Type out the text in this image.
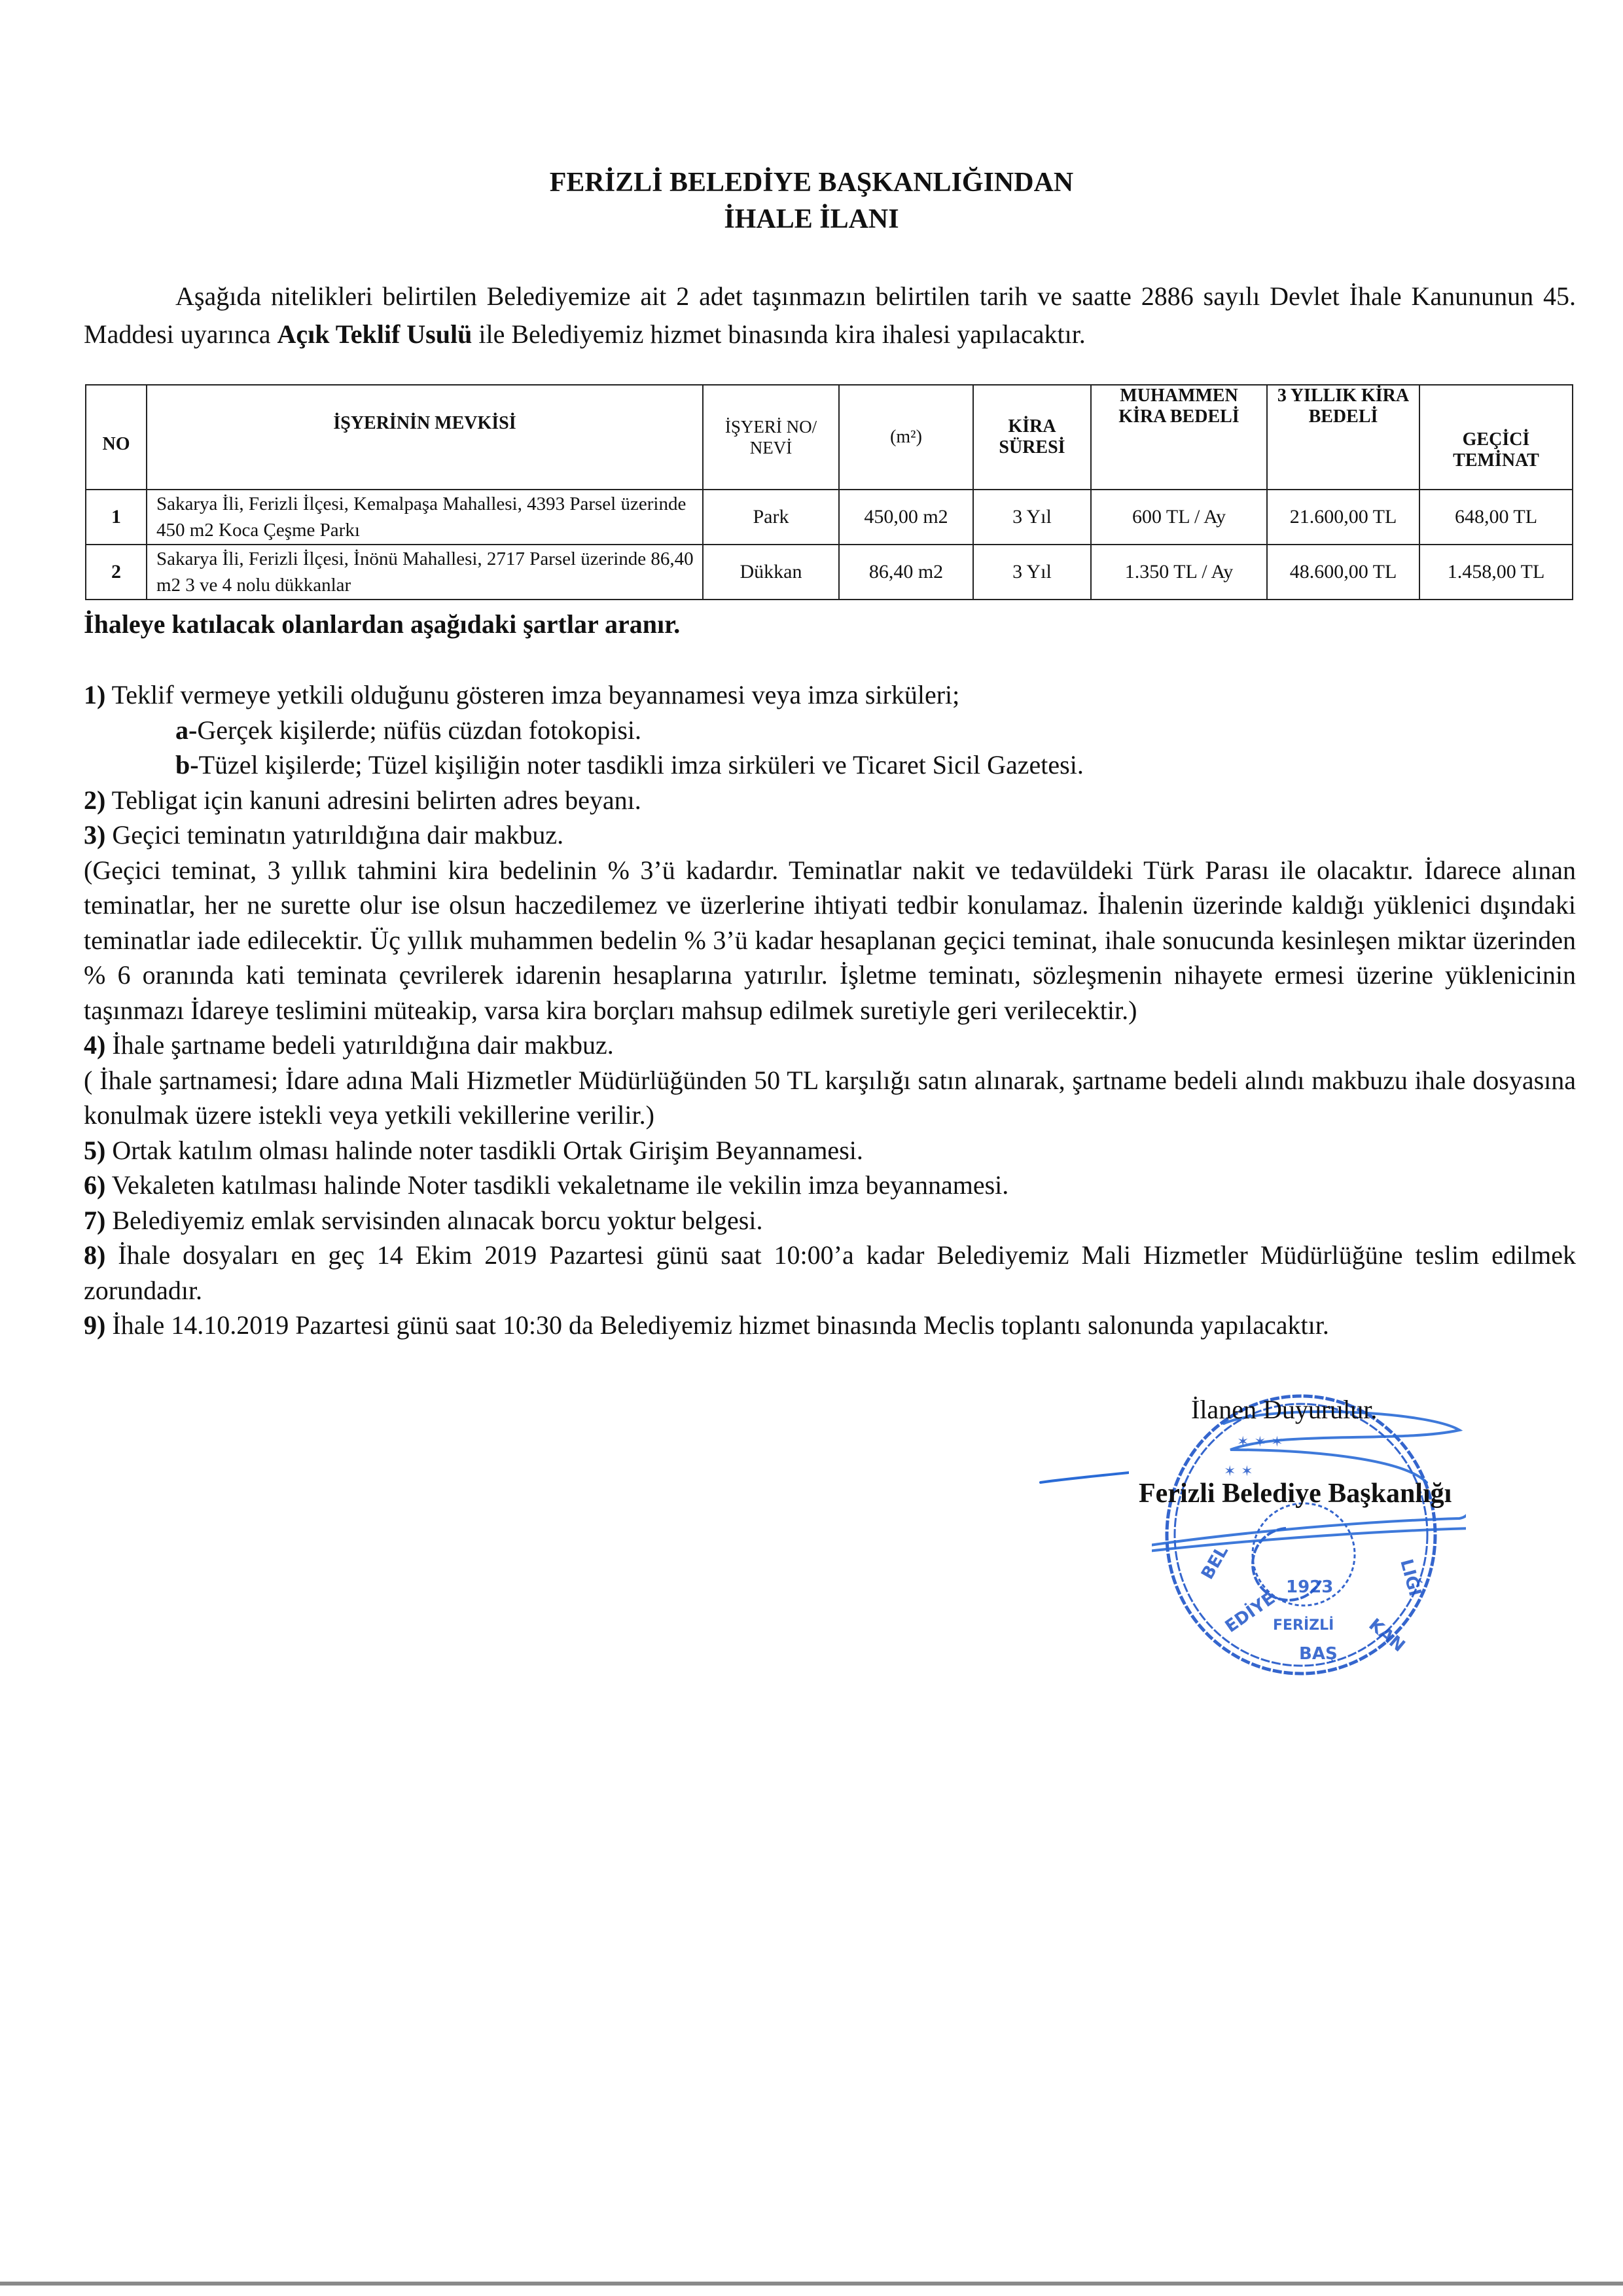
FERİZLİ BELEDİYE BAŞKANLIĞINDAN
İHALE İLANI
Aşağıda nitelikleri belirtilen Belediyemize ait 2 adet taşınmazın belirtilen tarih ve saatte 2886 sayılı Devlet İhale Kanununun 45. Maddesi uyarınca Açık Teklif Usulü ile Belediyemiz hizmet binasında kira ihalesi yapılacaktır.
NO	İŞYERİNİN MEVKİSİ	İŞYERİ NO/ NEVİ	(m²)	KİRA SÜRESİ	MUHAMMEN KİRA BEDELİ	3 YILLIK KİRA BEDELİ	GEÇİCİ TEMİNAT
1	Sakarya İli, Ferizli İlçesi, Kemalpaşa Mahallesi, 4393 Parsel üzerinde 450 m2 Koca Çeşme Parkı	Park	450,00 m2	3 Yıl	600 TL / Ay	21.600,00 TL	648,00 TL
2	Sakarya İli, Ferizli İlçesi, İnönü Mahallesi, 2717 Parsel üzerinde 86,40 m2 3 ve 4 nolu dükkanlar	Dükkan	86,40 m2	3 Yıl	1.350 TL / Ay	48.600,00 TL	1.458,00 TL
İhaleye katılacak olanlardan aşağıdaki şartlar aranır.

1) Teklif vermeye yetkili olduğunu gösteren imza beyannamesi veya imza sirküleri;

a-Gerçek kişilerde; nüfüs cüzdan fotokopisi.

b-Tüzel kişilerde; Tüzel kişiliğin noter tasdikli imza sirküleri ve Ticaret Sicil Gazetesi.

2) Tebligat için kanuni adresini belirten adres beyanı.

3) Geçici teminatın yatırıldığına dair makbuz.

(Geçici teminat, 3 yıllık tahmini kira bedelinin % 3’ü kadardır. Teminatlar nakit ve tedavüldeki Türk Parası ile olacaktır. İdarece alınan teminatlar, her ne surette olur ise olsun haczedilemez ve üzerlerine ihtiyati tedbir konulamaz. İhalenin üzerinde kaldığı yüklenici dışındaki teminatlar iade edilecektir. Üç yıllık muhammen bedelin % 3’ü kadar hesaplanan geçici teminat, ihale sonucunda kesinleşen miktar üzerinden % 6 oranında kati teminata çevrilerek idarenin hesaplarına yatırılır. İşletme teminatı, sözleşmenin nihayete ermesi üzerine yüklenicinin taşınmazı İdareye teslimini müteakip, varsa kira borçları mahsup edilmek suretiyle geri verilecektir.)

4) İhale şartname bedeli yatırıldığına dair makbuz.

( İhale şartnamesi; İdare adına Mali Hizmetler Müdürlüğünden 50 TL karşılığı satın alınarak, şartname bedeli alındı makbuzu ihale dosyasına konulmak üzere istekli veya yetkili vekillerine verilir.)

5) Ortak katılım olması halinde noter tasdikli Ortak Girişim Beyannamesi.

6) Vekaleten katılması halinde Noter tasdikli vekaletname ile vekilin imza beyannamesi.

7) Belediyemiz emlak servisinden alınacak borcu yoktur belgesi.

8) İhale dosyaları en geç 14 Ekim 2019 Pazartesi günü saat 10:00’a kadar Belediyemiz Mali Hizmetler Müdürlüğüne teslim edilmek zorundadır.

9) İhale 14.10.2019 Pazartesi günü saat 10:30 da Belediyemiz hizmet binasında Meclis toplantı salonunda yapılacaktır.

1923
BEL
EDİYE
BAŞ KAN
LIĞI
FERİZLİ
✶ ✶ ✶
✶ ✶
İlanen Duyurulur.
Ferizli Belediye Başkanlığı
